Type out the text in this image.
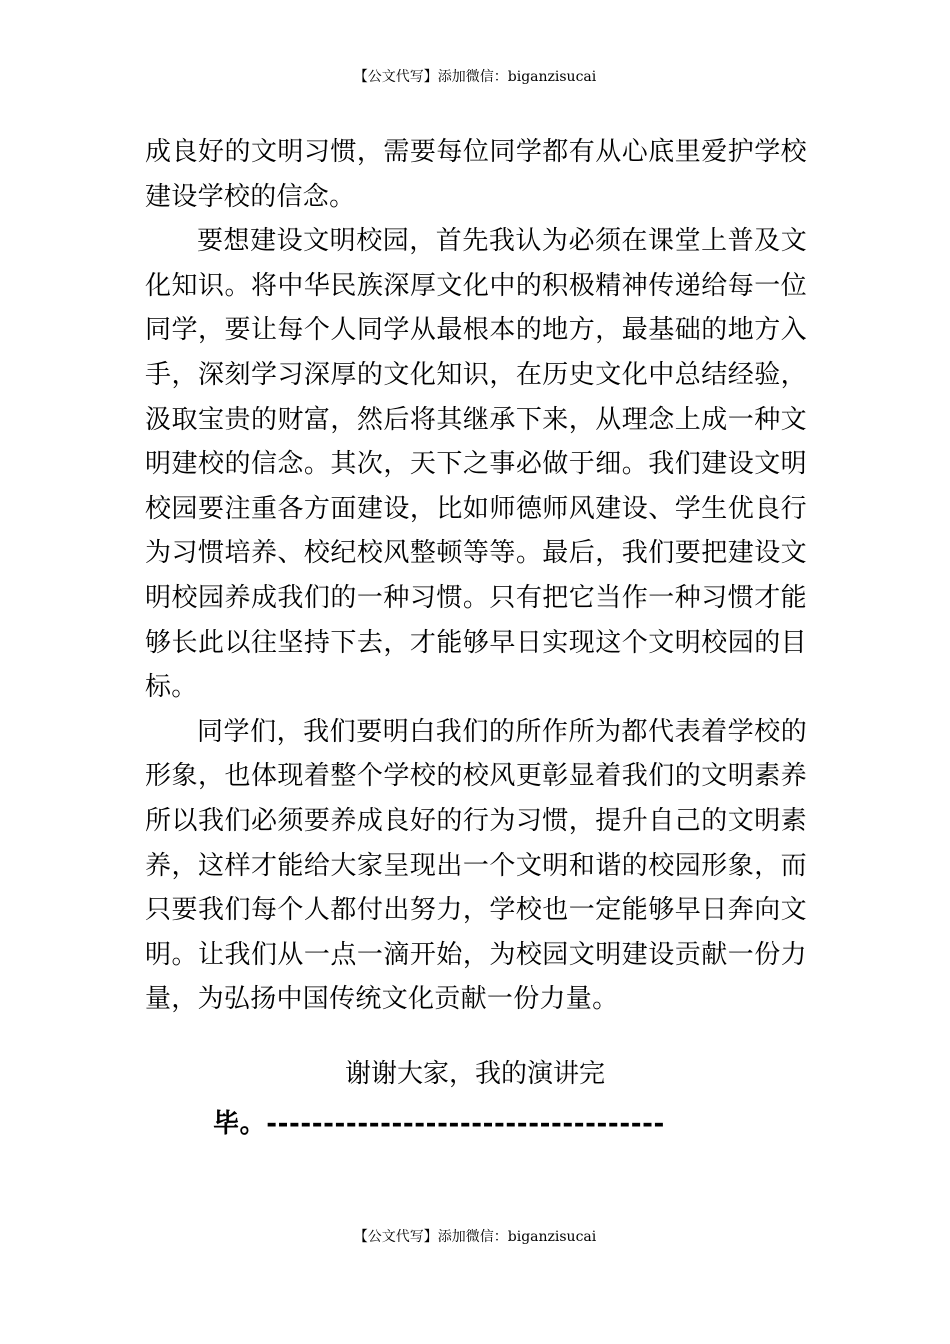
【公文代写】添加微信：biganzisucai

成良好的文明习惯，需要每位同学都有从心底里爱护学校建设学校的信念。

要想建设文明校园，首先我认为必须在课堂上普及文化知识。将中华民族深厚文化中的积极精神传递给每一位同学，要让每个人同学从最根本的地方，最基础的地方入手，深刻学习深厚的文化知识，在历史文化中总结经验，汲取宝贵的财富，然后将其继承下来，从理念上成一种文明建校的信念。其次，天下之事必做于细。我们建设文明校园要注重各方面建设，比如师德师风建设、学生优良行为习惯培养、校纪校风整顿等等。最后，我们要把建设文明校园养成我们的一种习惯。只有把它当作一种习惯才能够长此以往坚持下去，才能够早日实现这个文明校园的目标。

同学们，我们要明白我们的所作所为都代表着学校的形象，也体现着整个学校的校风更彰显着我们的文明素养所以我们必须要养成良好的行为习惯，提升自己的文明素养，这样才能给大家呈现出一个文明和谐的校园形象，而只要我们每个人都付出努力，学校也一定能够早日奔向文明。让我们从一点一滴开始，为校园文明建设贡献一份力量，为弘扬中国传统文化贡献一份力量。

谢谢大家，我的演讲完
毕。-----------------------------------
【公文代写】添加微信：biganzisucai
